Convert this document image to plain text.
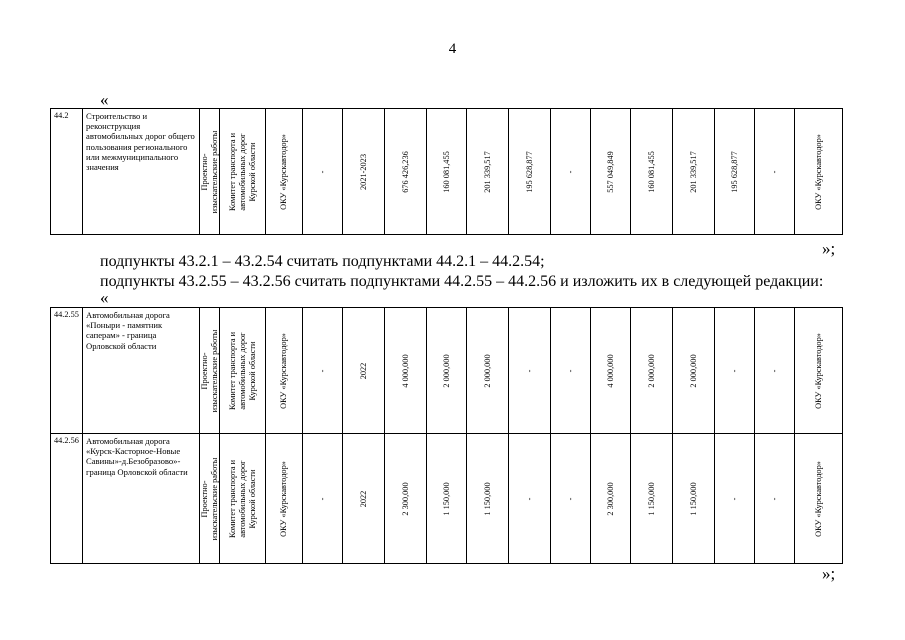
4
«
44.2	Строительство и реконструкция автомобильных дорог общего пользования регионального или межмуниципального значения	Проектно-изыскательские работы	Комитет транспорта и автомобильных дорог Курской области	ОКУ «Курскавтодор»	-	2021-2023	676 426,236	160 081,455	201 339,517	195 628,877	-	557 049,849	160 081,455	201 339,517	195 628,877	-	ОКУ «Курскавтодор»
»;
подпункты 43.2.1 – 43.2.54 считать подпунктами 44.2.1 – 44.2.54;
подпункты 43.2.55 – 43.2.56 считать подпунктами 44.2.55 – 44.2.56 и изложить их в следующей редакции:
«
44.2.55	Автомобильная дорога «Поныри - памятник саперам» - граница Орловской области	Проектно-изыскательские работы	Комитет транспорта и автомобильных дорог Курской области	ОКУ «Курскавтодор»	-	2022	4 000,000	2 000,000	2 000,000	-	-	4 000,000	2 000,000	2 000,000	-	-	ОКУ «Курскавтодор»

44.2.56	Автомобильная дорога «Курск-Касторное-Новые Савины»-д.Безобразово»-граница Орловской области	Проектно-изыскательские работы	Комитет транспорта и автомобильных дорог Курской области	ОКУ «Курскавтодор»	-	2022	2 300,000	1 150,000	1 150,000	-	-	2 300,000	1 150,000	1 150,000	-	-	ОКУ «Курскавтодор»
»;
